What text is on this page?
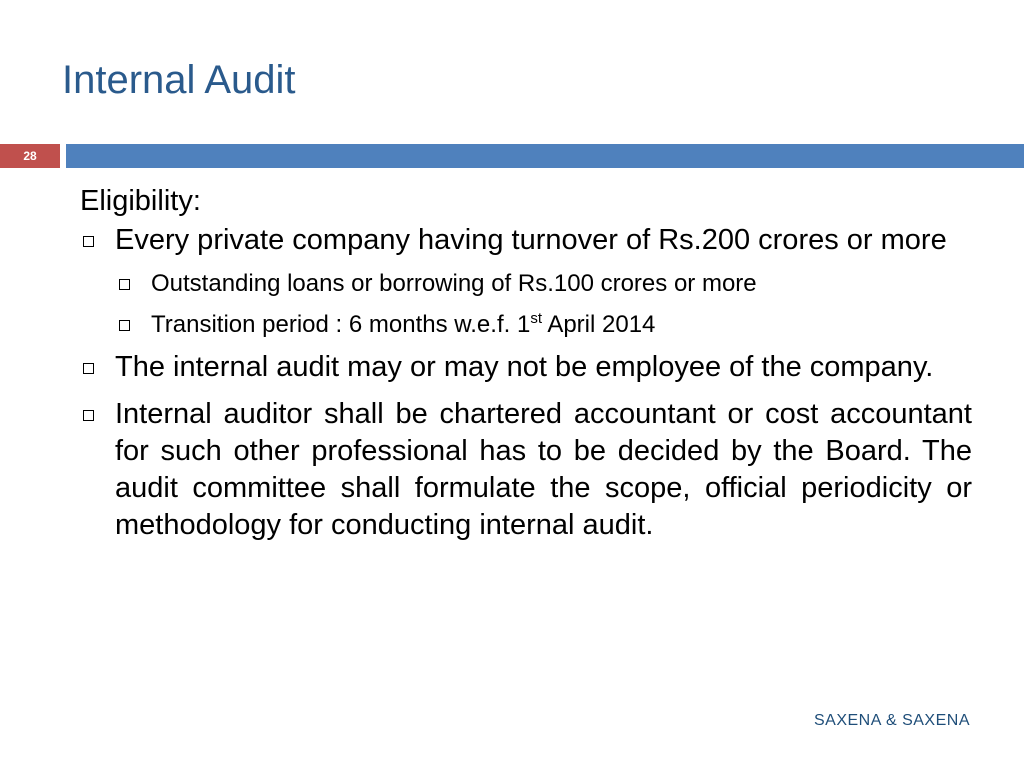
Internal Audit
28

Eligibility:

Every private company having turnover of Rs.200 crores or more

Outstanding loans or borrowing of Rs.100 crores or more

Transition period : 6 months w.e.f. 1st April 2014

The internal audit may or may not be employee of the company.

Internal auditor shall be chartered accountant or cost accountant for such other professional has to be decided by the Board. The audit committee shall formulate the scope, official periodicity or methodology for conducting internal audit.

SAXENA & SAXENA
